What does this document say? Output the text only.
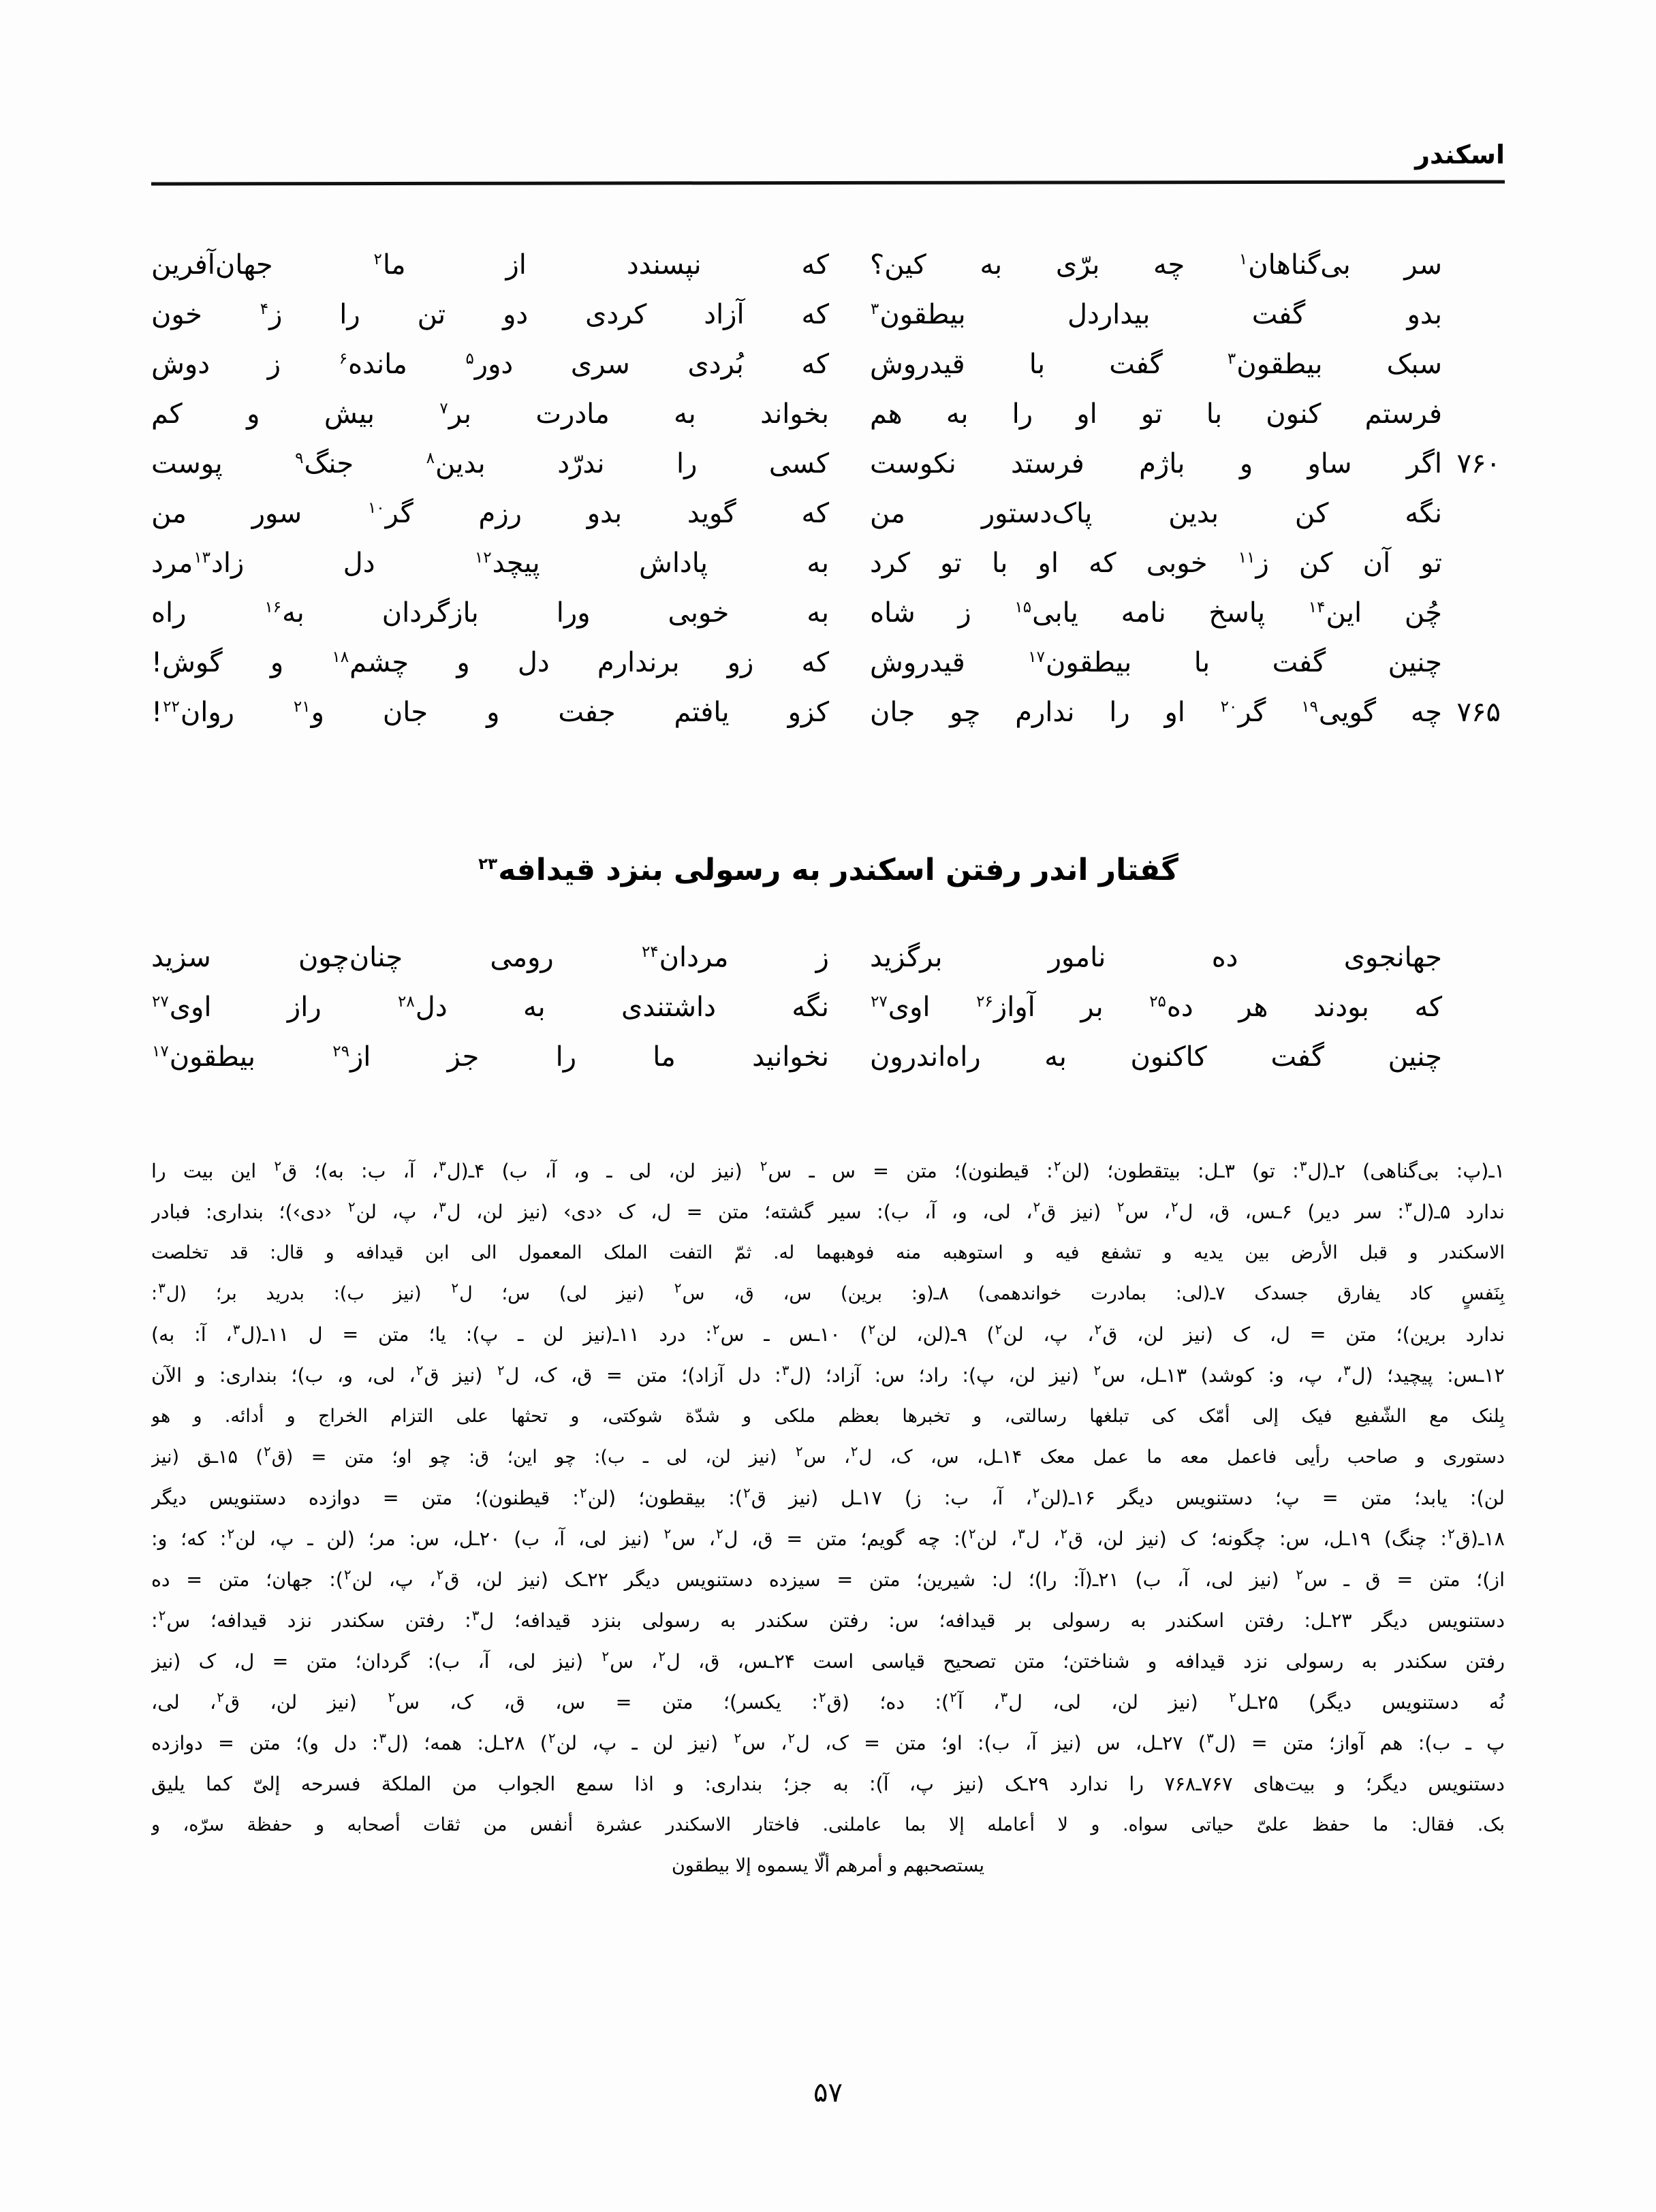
اسکندر
سر
بی‌گناهان$^۱$
چه
برّی
به
کین؟
که
نپسندد
از
ما$^۲$
جهان‌آفرین
بدو
گفت
بیداردل
بیطقون$^۳$
که
آزاد
کردی
دو
تن
را
ز$^۴$
خون
سبک
بیطقون$^۳$
گفت
با
قیدروش
که
بُردی
سری
دور$^۵$
مانده$^۶$
ز
دوش
فرستم
کنون
با
تو
او
را
به
هم
بخواند
به
مادرت
بر$^۷$
بیش
و
کم
۷۶۰
اگر
ساو
و
باژم
فرستد
نکوست
کسی
را
ندرّد
بدین$^۸$
جنگ$^۹$
پوست
نگه
کن
بدین
پاک‌دستور
من
که
گوید
بدو
رزم
گر$^{۱۰}$
سور
من
تو
آن
کن
ز$^{۱۱}$
خوبی
که
او
با
تو
کرد
به
پاداش
پیچد$^{۱۲}$
دل
زاد$^{۱۳}$مرد
چُن
این$^{۱۴}$
پاسخ
نامه
یابی$^{۱۵}$
ز
شاه
به
خوبی
ورا
بازگردان
به$^{۱۶}$
راه
چنین
گفت
با
بیطقون$^{۱۷}$
قیدروش
که
زو
برندارم
دل
و
چشم$^{۱۸}$
و
گوش!
۷۶۵
چه
گویی$^{۱۹}$
گر$^{۲۰}$
او
را
ندارم
چو
جان
کزو
یافتم
جفت
و
جان
و$^{۲۱}$
روان$^{۲۲}$!
گفتار اندر رفتن اسکندر به رسولی بنزد قیدافه$^{۲۳}$
جهانجوی
ده
نامور
برگزید
ز
مردان$^{۲۴}$
رومی
چنان‌چون
سزید
که
بودند
هر
ده$^{۲۵}$
بر
آواز$^{۲۶}$
اوی$^{۲۷}$
نگه
داشتندی
به
دل$^{۲۸}$
راز
اوی$^{۲۷}$
چنین
گفت
کاکنون
به
راه‌اندرون
نخوانید
ما
را
جز
از$^{۲۹}$
بیطقون$^{۱۷}$

۱ـ(پ: بی‌گناهی) ۲ـ(ل$^۳$: تو) ۳ـل: بیتقطون؛ (لن$^۲$: قیطنون)؛ متن = س ـ س$^۲$ (نیز لن، لی ـ و، آ، ب) ۴ـ(ل$^۳$، آ، ب: به)؛ ق$^۲$ این بیت را

ندارد ۵ـ(ل$^۳$: سر دیر) ۶ـس، ق، ل$^۲$، س$^۲$ (نیز ق$^۲$، لی، و، آ، ب): سیر گشته؛ متن = ل، ک ‹دی› (نیز لن، ل$^۳$، پ، لن$^۲$ ‹دی›)؛ بنداری: فبادر

الاسکندر و قبل الأرض بین یدیه و تشفع فیه و استوهبه منه فوهبهما له. ثمّ التفت الملک المعمول الی ابن قیدافه و قال: قد تخلصت

بِنَفسٍ کاد یفارق جسدک ۷ـ(لی: بمادرت خواندهمی) ۸ـ(و: برین) س، ق، س$^۲$ (نیز لی) س؛ ل$^۲$ (نیز ب): بدرید بر؛ (ل$^۳$:

ندارد برین)؛ متن = ل، ک (نیز لن، ق$^۲$، پ، لن$^۲$) ۹ـ(لن، لن$^۲$) ۱۰ـس ـ س$^۲$: درد ۱۱ـ(نیز لن ـ پ): یا؛ متن = ل ۱۱ـ(ل$^۳$، آ: به)

۱۲ـس: پیچید؛ (ل$^۳$، پ، و: کوشد) ۱۳ـل، س$^۲$ (نیز لن، پ): راد؛ س: آزاد؛ (ل$^۳$: دل آزاد)؛ متن = ق، ک، ل$^۲$ (نیز ق$^۲$، لی، و، ب)؛ بنداری: و الآن

بِلنک مع الشّفیع فیک إلی أمّک کی تبلغها رسالتی، و تخبرها بعظم ملکی و شدّة شوکتی، و تحثها علی التزام الخراج و أدائه. و هو

دستوری و صاحب رأیی فاعمل معه ما عمل معک ۱۴ـل، س، ک، ل$^۲$، س$^۲$ (نیز لن، لی ـ ب): چو این؛ ق: چو او؛ متن = (ق$^۲$) ۱۵ـق (نیز

لن): یابد؛ متن = پ؛ دستنویس دیگر ۱۶ـ(لن$^۲$، آ، ب: ز) ۱۷ـل (نیز ق$^۲$): بیقطون؛ (لن$^۲$: قیطنون)؛ متن = دوازده دستنویس دیگر

۱۸ـ(ق$^۲$: چنگ) ۱۹ـل، س: چگونه؛ ک (نیز لن، ق$^۲$، ل$^۳$، لن$^۲$): چه گویم؛ متن = ق، ل$^۲$، س$^۲$ (نیز لی، آ، ب) ۲۰ـل، س: مر؛ (لن ـ پ، لن$^۲$: که؛ و:

از)؛ متن = ق ـ س$^۲$ (نیز لی، آ، ب) ۲۱ـ(آ: را)؛ ل: شیرین؛ متن = سیزده دستنویس دیگر ۲۲ـک (نیز لن، ق$^۲$، پ، لن$^۲$): جهان؛ متن = ده

دستنویس دیگر ۲۳ـل: رفتن اسکندر به رسولی بر قیدافه؛ س: رفتن سکندر به رسولی بنزد قیدافه؛ ل$^۳$: رفتن سکندر نزد قیدافه؛ س$^۲$:

رفتن سکندر به رسولی نزد قیدافه و شناختن؛ متن تصحیح قیاسی است ۲۴ـس، ق، ل$^۲$، س$^۲$ (نیز لی، آ، ب): گردان؛ متن = ل، ک (نیز

نُه دستنویس دیگر) ۲۵ـل$^۲$ (نیز لن، لی، ل$^۳$، آ$^۲$): ده؛ (ق$^۲$: یکسر)؛ متن = س، ق، ک، س$^۲$ (نیز لن، ق$^۲$، لی،

پ ـ ب): هم آواز؛ متن = (ل$^۳$) ۲۷ـل، س (نیز آ، ب): او؛ متن = ک، ل$^۲$، س$^۲$ (نیز لن ـ پ، لن$^۲$) ۲۸ـل: همه؛ (ل$^۳$: دل و)؛ متن = دوازده

دستنویس دیگر؛ و بیت‌های ۷۶۷ـ۷۶۸ را ندارد ۲۹ـک (نیز پ، آ): به جز؛ بنداری: و اذا سمع الجواب من الملکة فسرحه إلیّ کما یلیق

بک. فقال: ما حفظ علیّ حیاتی سواه. و لا أعامله إلا بما عاملنی. فاختار الاسکندر عشرة أنفس من ثقات أصحابه و حفظة سرّه، و

یستصحبهم و أمرهم ألّا یسموه إلا بیطقون

۵۷
